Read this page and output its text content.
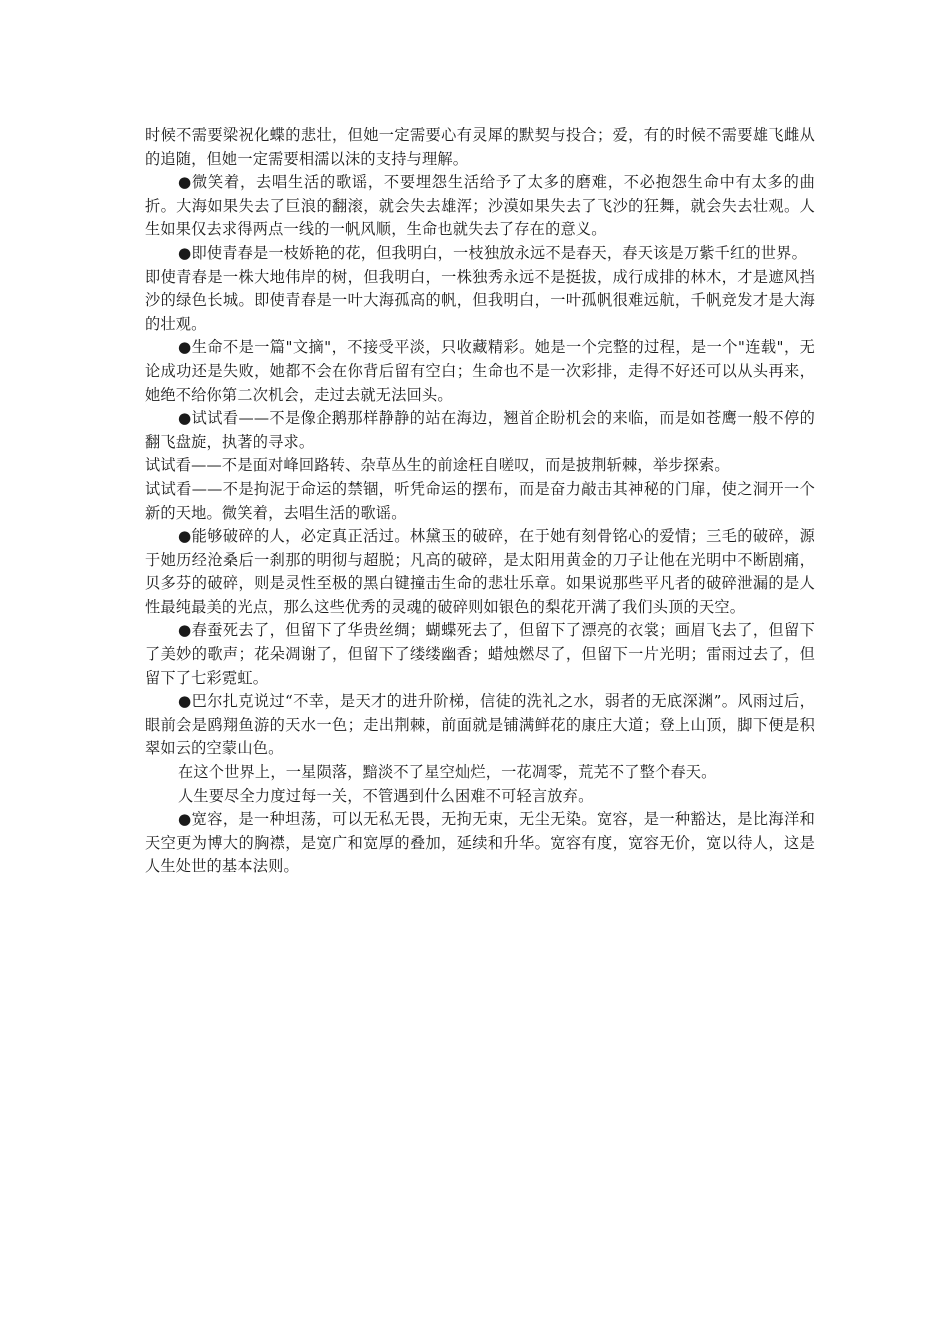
时候不需要梁祝化蝶的悲壮，但她一定需要心有灵犀的默契与投合；爱，有的时候不需要雄飞雌从的追随，但她一定需要相濡以沫的支持与理解。

●微笑着，去唱生活的歌谣，不要埋怨生活给予了太多的磨难，不必抱怨生命中有太多的曲折。大海如果失去了巨浪的翻滚，就会失去雄浑；沙漠如果失去了飞沙的狂舞，就会失去壮观。人生如果仅去求得两点一线的一帆风顺，生命也就失去了存在的意义。

●即使青春是一枝娇艳的花，但我明白，一枝独放永远不是春天，春天该是万紫千红的世界。

即使青春是一株大地伟岸的树，但我明白，一株独秀永远不是挺拔，成行成排的林木，才是遮风挡沙的绿色长城。即使青春是一叶大海孤高的帆，但我明白，一叶孤帆很难远航，千帆竞发才是大海的壮观。

●生命不是一篇"文摘"，不接受平淡，只收藏精彩。她是一个完整的过程，是一个"连载"，无论成功还是失败，她都不会在你背后留有空白；生命也不是一次彩排，走得不好还可以从头再来，她绝不给你第二次机会，走过去就无法回头。

●试试看——不是像企鹅那样静静的站在海边，翘首企盼机会的来临，而是如苍鹰一般不停的翻飞盘旋，执著的寻求。

试试看——不是面对峰回路转、杂草丛生的前途枉自嗟叹，而是披荆斩棘，举步探索。

试试看——不是拘泥于命运的禁锢，听凭命运的摆布，而是奋力敲击其神秘的门扉，使之洞开一个新的天地。微笑着，去唱生活的歌谣。

●能够破碎的人，必定真正活过。林黛玉的破碎，在于她有刻骨铭心的爱情；三毛的破碎，源于她历经沧桑后一刹那的明彻与超脱；凡高的破碎，是太阳用黄金的刀子让他在光明中不断剧痛，贝多芬的破碎，则是灵性至极的黑白键撞击生命的悲壮乐章。如果说那些平凡者的破碎泄漏的是人性最纯最美的光点，那么这些优秀的灵魂的破碎则如银色的梨花开满了我们头顶的天空。

●春蚕死去了，但留下了华贵丝绸；蝴蝶死去了，但留下了漂亮的衣裳；画眉飞去了，但留下了美妙的歌声；花朵凋谢了，但留下了缕缕幽香；蜡烛燃尽了，但留下一片光明；雷雨过去了，但留下了七彩霓虹。

●巴尔扎克说过“不幸，是天才的进升阶梯，信徒的洗礼之水，弱者的无底深渊”。风雨过后，眼前会是鸥翔鱼游的天水一色；走出荆棘，前面就是铺满鲜花的康庄大道；登上山顶，脚下便是积翠如云的空蒙山色。

在这个世界上，一星陨落，黯淡不了星空灿烂，一花凋零，荒芜不了整个春天。

人生要尽全力度过每一关，不管遇到什么困难不可轻言放弃。

●宽容，是一种坦荡，可以无私无畏，无拘无束，无尘无染。宽容，是一种豁达，是比海洋和天空更为博大的胸襟，是宽广和宽厚的叠加，延续和升华。宽容有度，宽容无价，宽以待人，这是人生处世的基本法则。
